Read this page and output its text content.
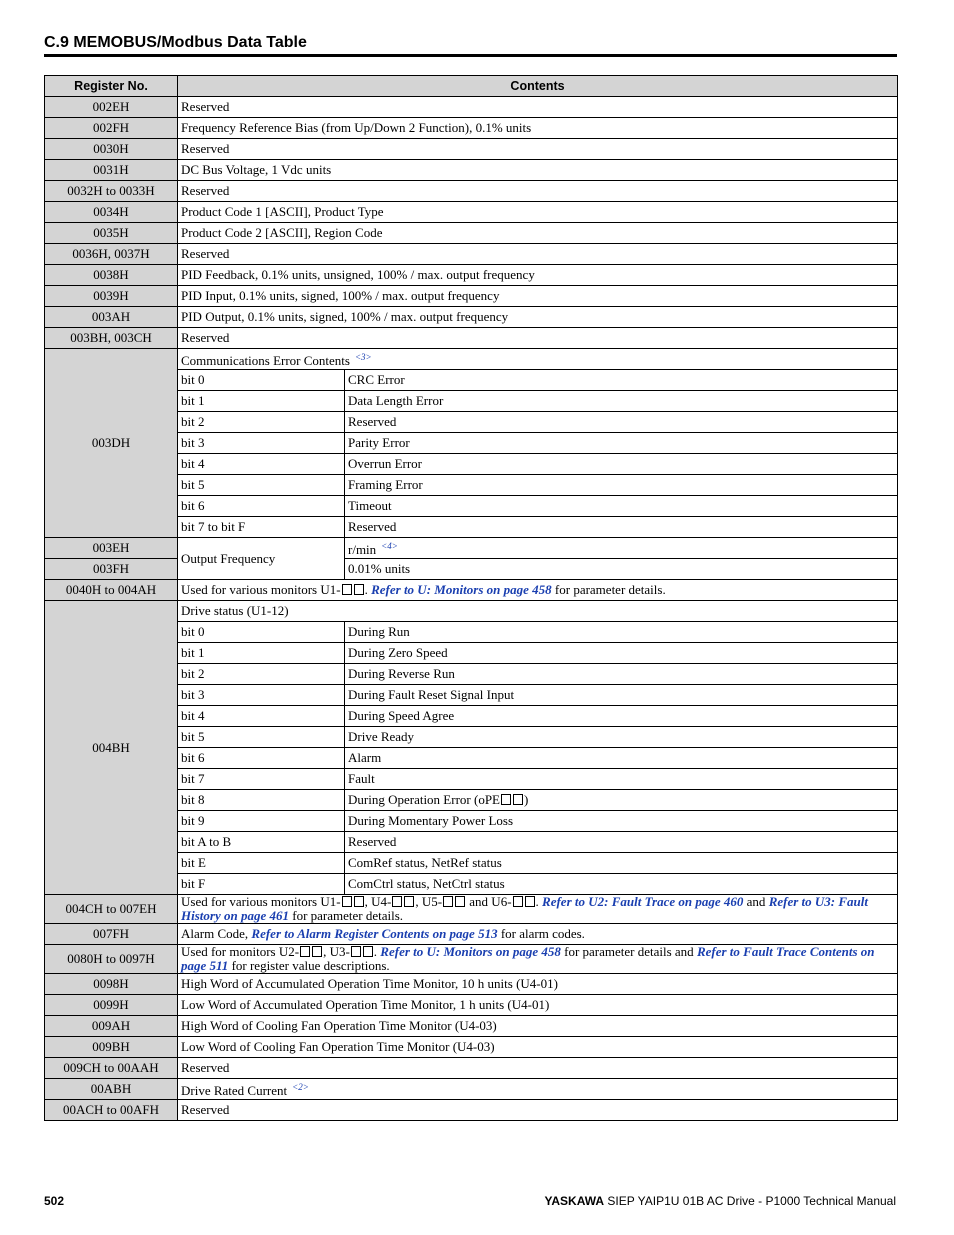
C.9 MEMOBUS/Modbus Data Table
Register No.	Contents	
002EH	Reserved	
002FH	Frequency Reference Bias (from Up/Down 2 Function), 0.1% units	
0030H	Reserved	
0031H	DC Bus Voltage, 1 Vdc units	
0032H to 0033H	Reserved	
0034H	Product Code 1 [ASCII], Product Type	
0035H	Product Code 2 [ASCII], Region Code	
0036H, 0037H	Reserved	
0038H	PID Feedback, 0.1% units, unsigned, 100% / max. output frequency	
0039H	PID Input, 0.1% units, signed, 100% / max. output frequency	
003AH	PID Output, 0.1% units, signed, 100% / max. output frequency	
003BH, 003CH	Reserved	
003DH	Communications Error Contents $^{<3>}$
	bit 0	CRC Error
	bit 1	Data Length Error
	bit 2	Reserved
	bit 3	Parity Error
	bit 4	Overrun Error
	bit 5	Framing Error
	bit 6	Timeout
	bit 7 to bit F	Reserved
003EH	Output Frequency	r/min $^{<4>}$
003FH		0.01% units
0040H to 004AH	Used for various monitors U1- . Refer to U: Monitors on page 458 for parameter details.	
004BH	Drive status (U1-12)	
	bit 0	During Run
	bit 1	During Zero Speed
	bit 2	During Reverse Run
	bit 3	During Fault Reset Signal Input
	bit 4	During Speed Agree
	bit 5	Drive Ready
	bit 6	Alarm
	bit 7	Fault
	bit 8	During Operation Error (oPE )
	bit 9	During Momentary Power Loss
	bit A to B	Reserved
	bit E	ComRef status, NetRef status
	bit F	ComCtrl status, NetCtrl status
004CH to 007EH	Used for various monitors U1- , U4- , U5- and U6- . Refer to U2: Fault Trace on page 460 and Refer to U3: Fault History on page 461 for parameter details.	
007FH	Alarm Code, Refer to Alarm Register Contents on page 513 for alarm codes.	
0080H to 0097H	Used for monitors U2- , U3- . Refer to U: Monitors on page 458 for parameter details and Refer to Fault Trace Contents on page 511 for register value descriptions.	
0098H	High Word of Accumulated Operation Time Monitor, 10 h units (U4-01)	
0099H	Low Word of Accumulated Operation Time Monitor, 1 h units (U4-01)	
009AH	High Word of Cooling Fan Operation Time Monitor (U4-03)	
009BH	Low Word of Cooling Fan Operation Time Monitor (U4-03)	
009CH to 00AAH	Reserved	
00ABH	Drive Rated Current $^{<2>}$
00ACH to 00AFH	Reserved	
502	YASKAWA SIEP YAIP1U 01B AC Drive - P1000 Technical Manual
